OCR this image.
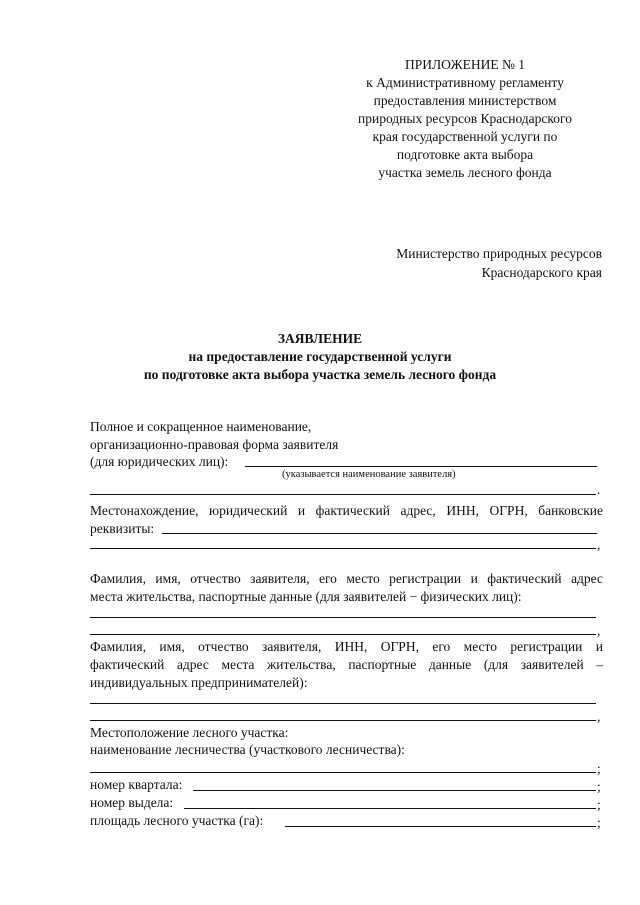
ПРИЛОЖЕНИЕ № 1
к Административному регламенту
предоставления министерством
природных ресурсов Краснодарского
края государственной услуги по
подготовке акта выбора
участка земель лесного фонда
Министерство природных ресурсов
Краснодарского края
ЗАЯВЛЕНИЕ
на предоставление государственной услуги
по подготовке акта выбора участка земель лесного фонда
Полное и сокращенное наименование,
организационно-правовая форма заявителя
(для юридических лиц):
(указывается наименование заявителя)
.
Местонахождение, юридический и фактический адрес, ИНН, ОГРН, банковские
реквизиты:
,
Фамилия, имя, отчество заявителя, его место регистрации и фактический адрес
места жительства, паспортные данные (для заявителей − физических лиц):
,
Фамилия, имя, отчество заявителя, ИНН, ОГРН, его место регистрации и
фактический адрес места жительства, паспортные данные (для заявителей –
индивидуальных предпринимателей):
,
Местоположение лесного участка:
наименование лесничества (участкового лесничества):
;
номер квартала:	;
номер выдела:	;
площадь лесного участка (га):	;
